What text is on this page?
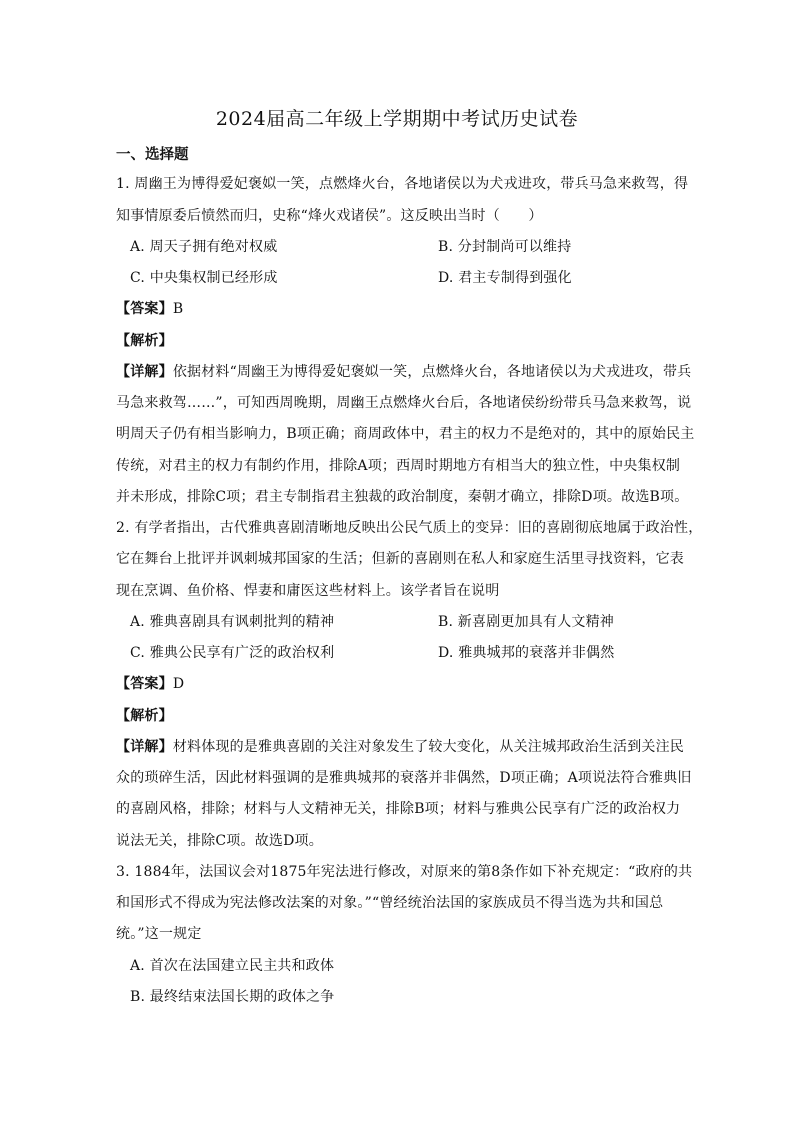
2024届高二年级上学期期中考试历史试卷
一、选择题
1. 周幽王为博得爱妃褒姒一笑，点燃烽火台，各地诸侯以为犬戎进攻，带兵马急来救驾，得
知事情原委后愤然而归，史称“烽火戏诸侯”。这反映出当时（　　）
A. 周天子拥有绝对权威	B. 分封制尚可以维持
C. 中央集权制已经形成	D. 君主专制得到强化
【答案】B
【解析】
【详解】依据材料“周幽王为博得爱妃褒姒一笑，点燃烽火台，各地诸侯以为犬戎进攻，带兵
马急来救驾……”，可知西周晚期，周幽王点燃烽火台后，各地诸侯纷纷带兵马急来救驾，说
明周天子仍有相当影响力，B项正确；商周政体中，君主的权力不是绝对的，其中的原始民主
传统，对君主的权力有制约作用，排除A项；西周时期地方有相当大的独立性，中央集权制
并未形成，排除C项；君主专制指君主独裁的政治制度，秦朝才确立，排除D项。故选B项。
2. 有学者指出，古代雅典喜剧清晰地反映出公民气质上的变异：旧的喜剧彻底地属于政治性，
它在舞台上批评并讽刺城邦国家的生活；但新的喜剧则在私人和家庭生活里寻找资料，它表
现在烹调、鱼价格、悍妻和庸医这些材料上。该学者旨在说明
A. 雅典喜剧具有讽刺批判的精神	B. 新喜剧更加具有人文精神
C. 雅典公民享有广泛的政治权利	D. 雅典城邦的衰落并非偶然
【答案】D
【解析】
【详解】材料体现的是雅典喜剧的关注对象发生了较大变化，从关注城邦政治生活到关注民
众的琐碎生活，因此材料强调的是雅典城邦的衰落并非偶然，D项正确；A项说法符合雅典旧
的喜剧风格，排除；材料与人文精神无关，排除B项；材料与雅典公民享有广泛的政治权力
说法无关，排除C项。故选D项。
3. 1884年，法国议会对1875年宪法进行修改，对原来的第8条作如下补充规定：“政府的共
和国形式不得成为宪法修改法案的对象。”“曾经统治法国的家族成员不得当选为共和国总
统。”这一规定
A. 首次在法国建立民主共和政体
B. 最终结束法国长期的政体之争
